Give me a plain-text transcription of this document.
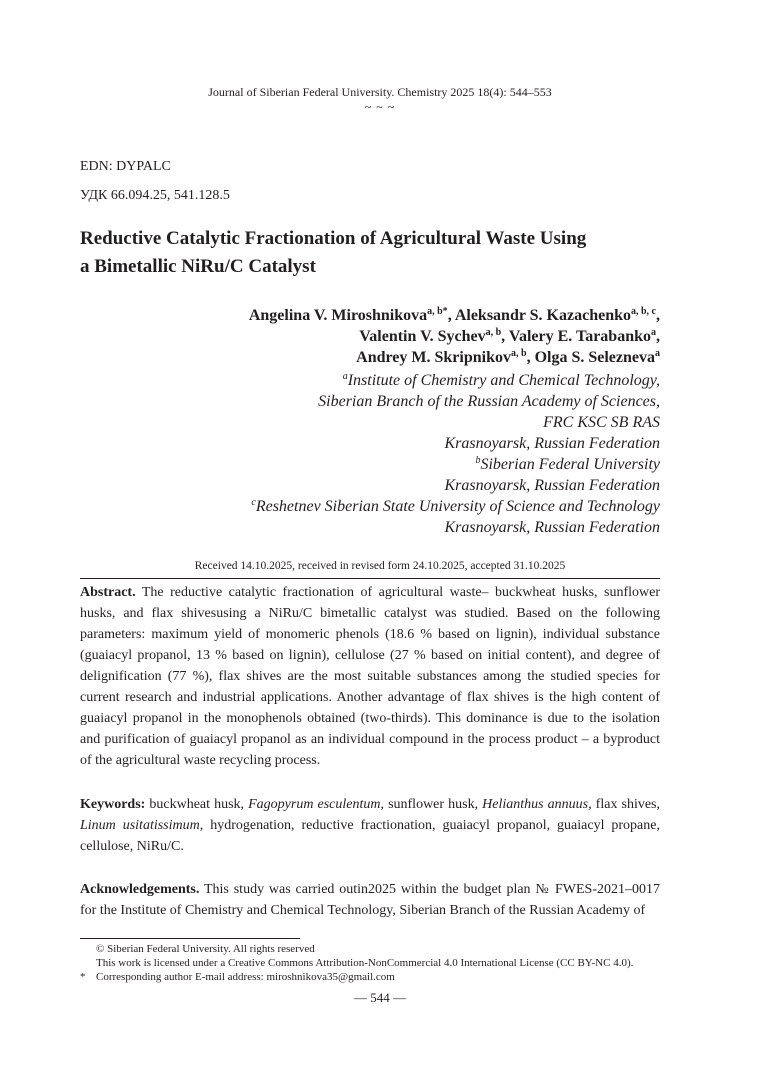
Journal of Siberian Federal University. Chemistry 2025 18(4): 544–553
~ ~ ~
EDN: DYPALC
УДК 66.094.25, 541.128.5
Reductive Catalytic Fractionation of Agricultural Waste Using
a Bimetallic NiRu/C Catalyst
Angelina V. Miroshnikova$^{a, b*}$, Aleksandr S. Kazachenko$^{a, b, c}$,
Valentin V. Sychev$^{a, b}$, Valery E. Tarabanko$^a$,
Andrey M. Skripnikov$^{a, b}$, Olga S. Selezneva$^a$
$^a$Institute of Chemistry and Chemical Technology,
Siberian Branch of the Russian Academy of Sciences,
FRC KSC SB RAS
Krasnoyarsk, Russian Federation
$^b$Siberian Federal University
Krasnoyarsk, Russian Federation
$^c$Reshetnev Siberian State University of Science and Technology
Krasnoyarsk, Russian Federation
Received 14.10.2025, received in revised form 24.10.2025, accepted 31.10.2025
Abstract. The reductive catalytic fractionation of agricultural waste– buckwheat husks, sunflower husks, and flax shivesusing a NiRu/C bimetallic catalyst was studied. Based on the following parameters: maximum yield of monomeric phenols (18.6 % based on lignin), individual substance (guaiacyl propanol, 13 % based on lignin), cellulose (27 % based on initial content), and degree of delignification (77 %), flax shives are the most suitable substances among the studied species for current research and industrial applications. Another advantage of flax shives is the high content of guaiacyl propanol in the monophenols obtained (two-thirds). This dominance is due to the isolation and purification of guaiacyl propanol as an individual compound in the process product – a byproduct of the agricultural waste recycling process.
Keywords: buckwheat husk, Fagopyrum esculentum, sunflower husk, Helianthus annuus, flax shives, Linum usitatissimum, hydrogenation, reductive fractionation, guaiacyl propanol, guaiacyl propane, cellulose, NiRu/C.
Acknowledgements. This study was carried outin2025 within the budget plan № FWES-2021–0017 for the Institute of Chemistry and Chemical Technology, Siberian Branch of the Russian Academy of
© Siberian Federal University. All rights reserved
This work is licensed under a Creative Commons Attribution-NonCommercial 4.0 International License (CC BY-NC 4.0).
* Corresponding author E-mail address: miroshnikova35@gmail.com
― 544 ―
